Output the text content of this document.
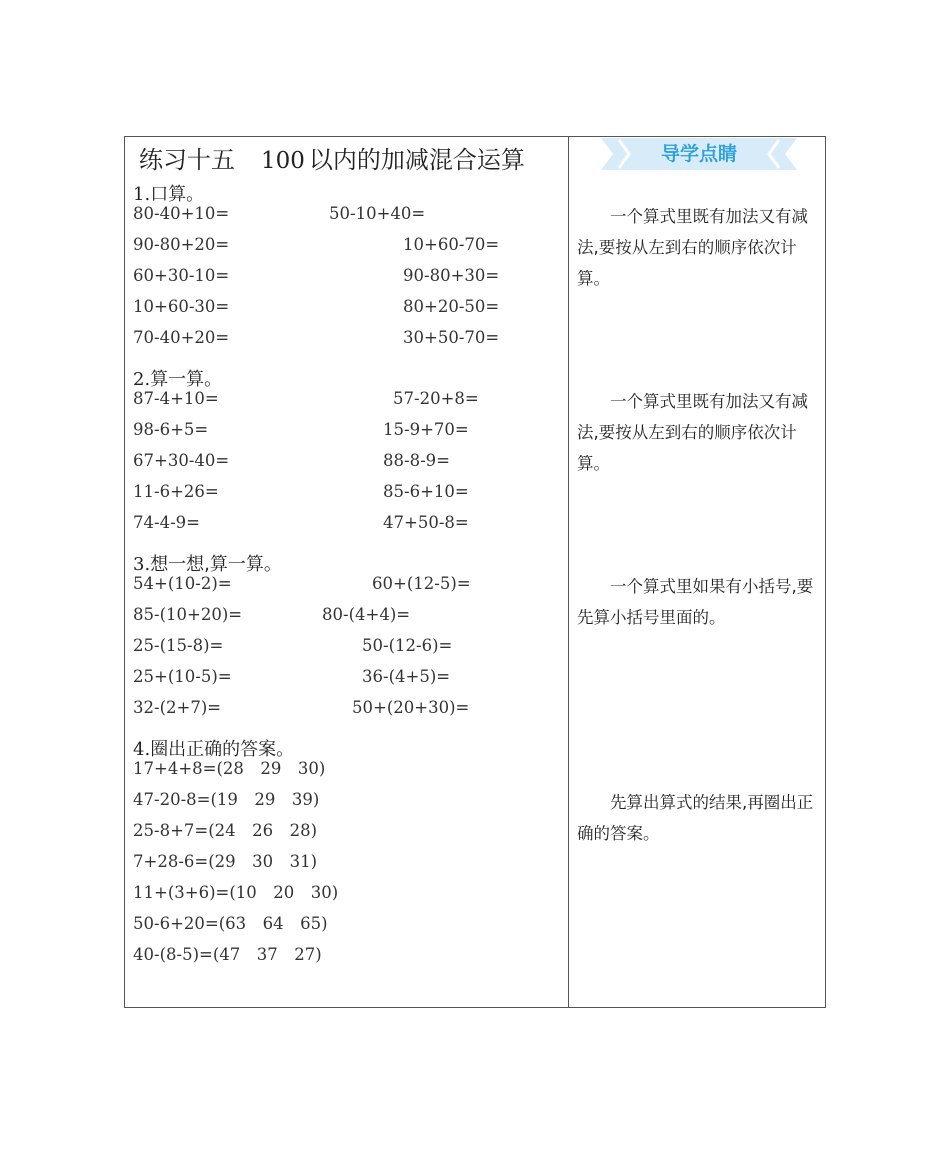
练习十五 100 以内的加减混合运算	导学点睛
1.口算。
80-40+10=	50-10+40=
90-80+20=	10+60-70=
60+30-10=	90-80+30=
10+60-30=	80+20-50=
70-40+20=	30+50-70=
2.算一算。
87-4+10=	57-20+8=
98-6+5=	15-9+70=
67+30-40=	88-8-9=
11-6+26=	85-6+10=
74-4-9=	47+50-8=
3.想一想,算一算。
54+(10-2)=	60+(12-5)=
85-(10+20)=	80-(4+4)=
25-(15-8)=	50-(12-6)=
25+(10-5)=	36-(4+5)=
32-(2+7)=	50+(20+30)=
4.圈出正确的答案。
17+4+8=(28　29　30)
47-20-8=(19　29　39)
25-8+7=(24　26　28)
7+28-6=(29　30　31)
11+(3+6)=(10　20　30)
50-6+20=(63　64　65)
40-(8-5)=(47　37　27)
一个算式里既有加法又有减法,要按从左到右的顺序依次计算。
一个算式里既有加法又有减法,要按从左到右的顺序依次计算。
一个算式里如果有小括号,要先算小括号里面的。
先算出算式的结果,再圈出正确的答案。
